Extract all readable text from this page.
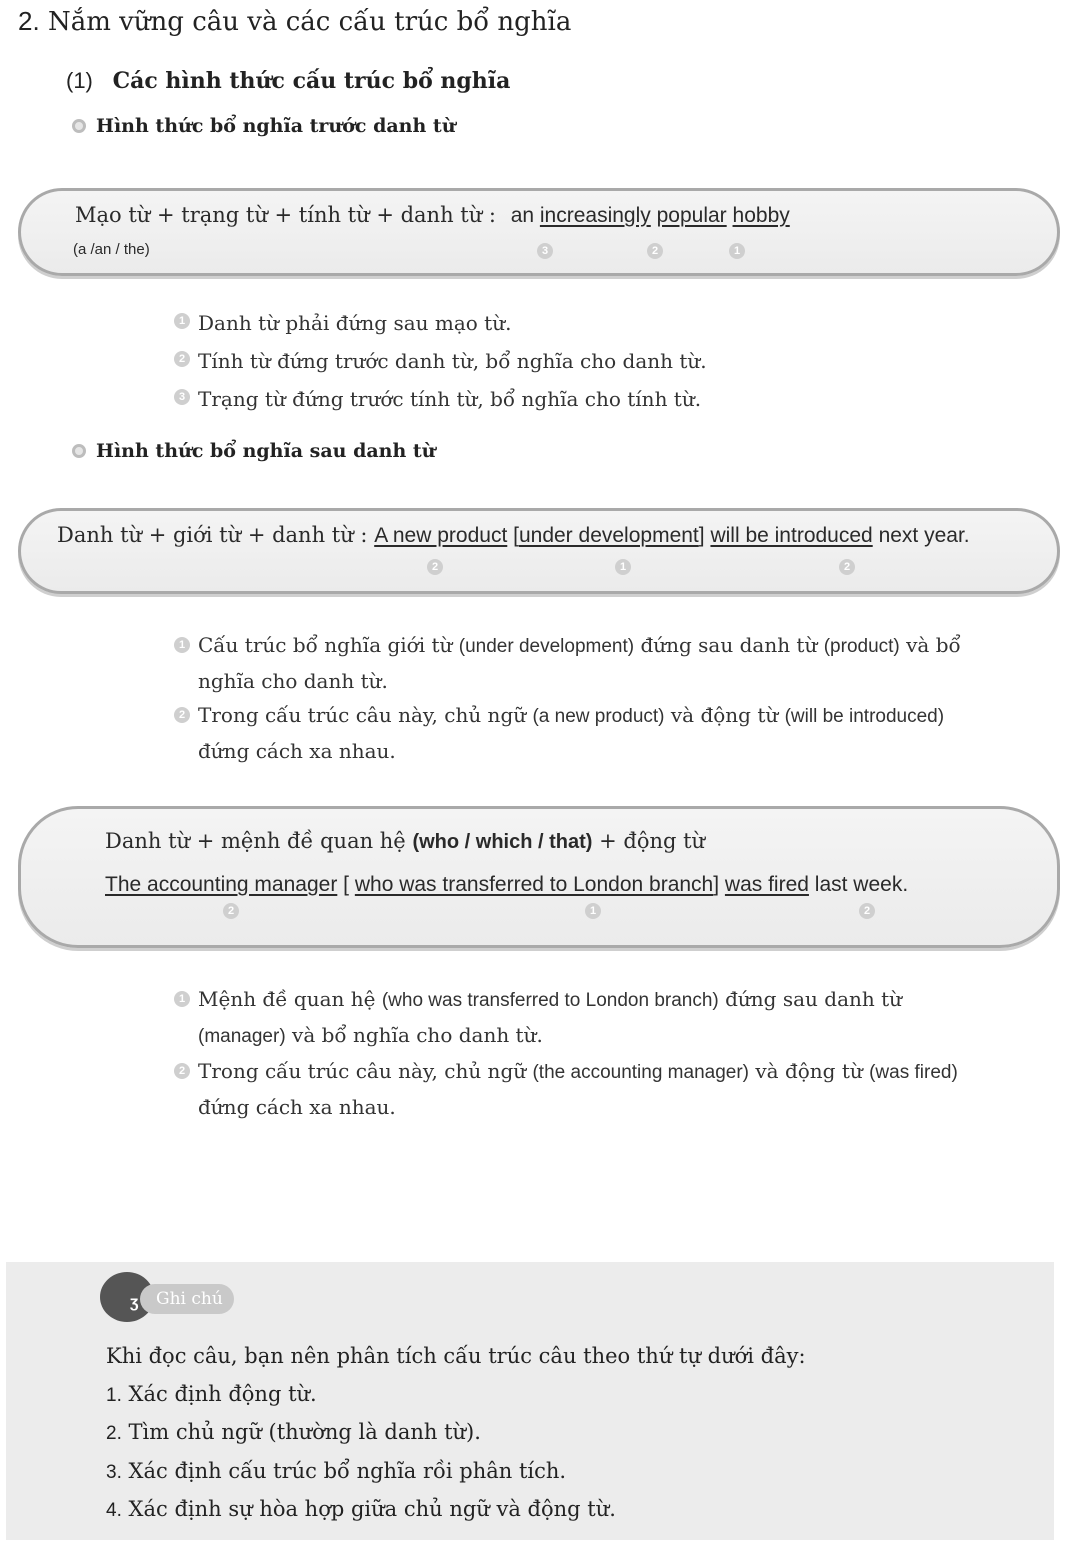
2. Nắm vững câu và các cấu trúc bổ nghĩa
(1) Các hình thức cấu trúc bổ nghĩa
Hình thức bổ nghĩa trước danh từ
Mạo từ + trạng từ + tính từ + danh từ : an increasingly popular hobby
(a /an / the)	3	2	1
1 Danh từ phải đứng sau mạo từ.
2 Tính từ đứng trước danh từ, bổ nghĩa cho danh từ.
3 Trạng từ đứng trước tính từ, bổ nghĩa cho tính từ.
Hình thức bổ nghĩa sau danh từ
Danh từ + giới từ + danh từ : A new product [under development] will be introduced next year.
2	1	2
1 Cấu trúc bổ nghĩa giới từ (under development) đứng sau danh từ (product) và bổ
nghĩa cho danh từ.
2 Trong cấu trúc câu này, chủ ngữ (a new product) và động từ (will be introduced)
đứng cách xa nhau.
Danh từ + mệnh đề quan hệ (who / which / that) + động từ
The accounting manager [ who was transferred to London branch] was fired last week.
2	1	2
1 Mệnh đề quan hệ (who was transferred to London branch) đứng sau danh từ
(manager) và bổ nghĩa cho danh từ.
2 Trong cấu trúc câu này, chủ ngữ (the accounting manager) và động từ (was fired)
đứng cách xa nhau.
Ghi chú
ʒ
Khi đọc câu, bạn nên phân tích cấu trúc câu theo thứ tự dưới đây:
1. Xác định động từ.
2. Tìm chủ ngữ (thường là danh từ).
3. Xác định cấu trúc bổ nghĩa rồi phân tích.
4. Xác định sự hòa hợp giữa chủ ngữ và động từ.
